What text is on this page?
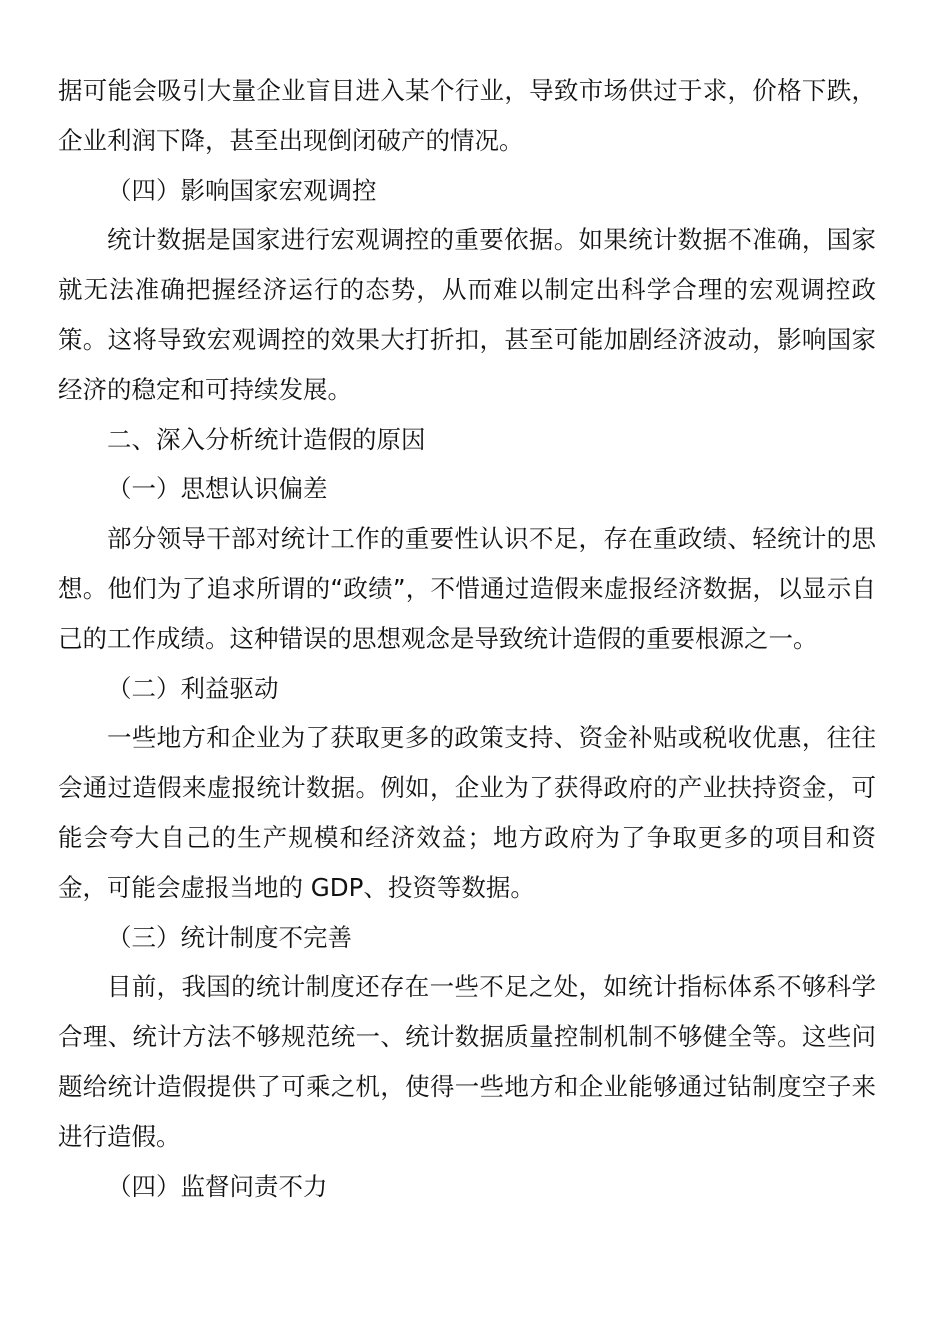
据可能会吸引大量企业盲目进入某个行业，导致市场供过于求，价格下跌，企业利润下降，甚至出现倒闭破产的情况。

（四）影响国家宏观调控

统计数据是国家进行宏观调控的重要依据。如果统计数据不准确，国家就无法准确把握经济运行的态势，从而难以制定出科学合理的宏观调控政策。这将导致宏观调控的效果大打折扣，甚至可能加剧经济波动，影响国家经济的稳定和可持续发展。

二、深入分析统计造假的原因

（一）思想认识偏差

部分领导干部对统计工作的重要性认识不足，存在重政绩、轻统计的思想。他们为了追求所谓的“政绩”，不惜通过造假来虚报经济数据，以显示自己的工作成绩。这种错误的思想观念是导致统计造假的重要根源之一。

（二）利益驱动

一些地方和企业为了获取更多的政策支持、资金补贴或税收优惠，往往会通过造假来虚报统计数据。例如，企业为了获得政府的产业扶持资金，可能会夸大自己的生产规模和经济效益；地方政府为了争取更多的项目和资金，可能会虚报当地的 GDP、投资等数据。

（三）统计制度不完善

目前，我国的统计制度还存在一些不足之处，如统计指标体系不够科学合理、统计方法不够规范统一、统计数据质量控制机制不够健全等。这些问题给统计造假提供了可乘之机，使得一些地方和企业能够通过钻制度空子来进行造假。

（四）监督问责不力
